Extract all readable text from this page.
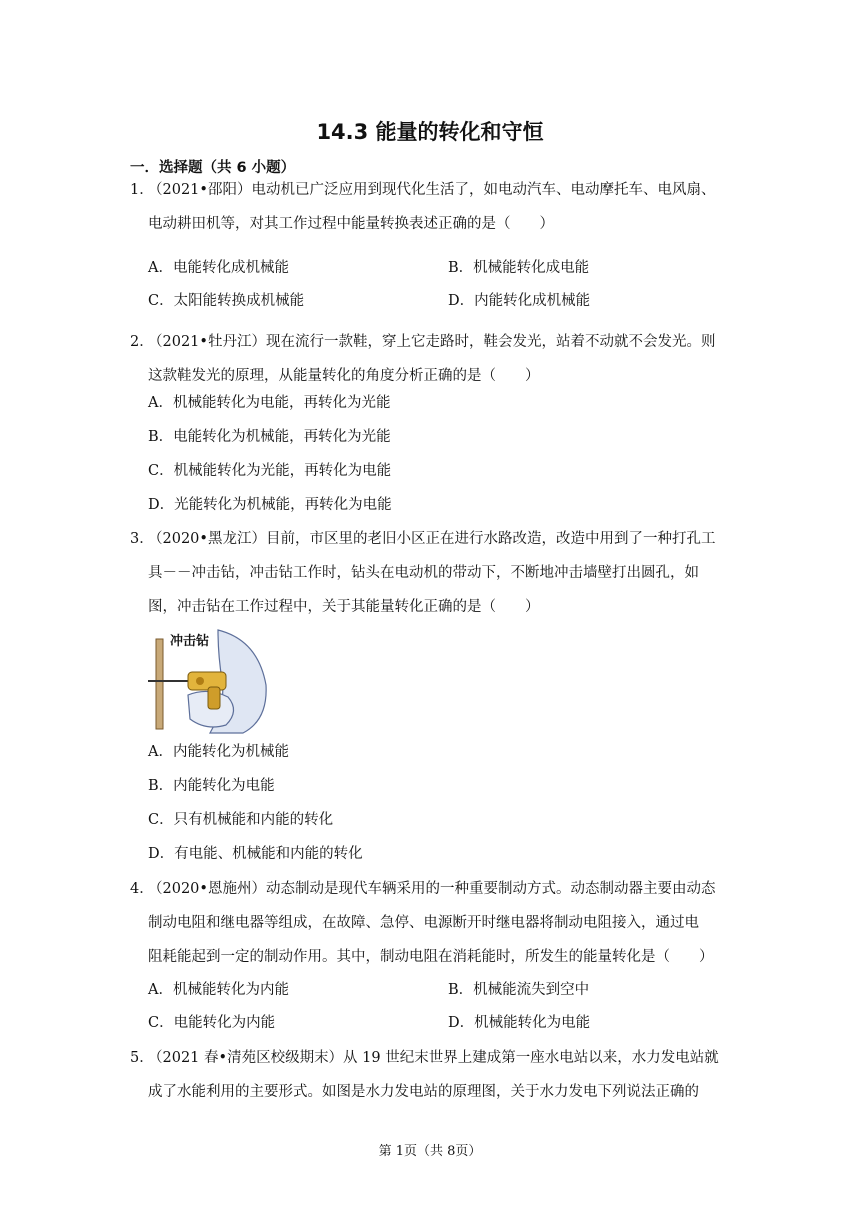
14.3 能量的转化和守恒
一．选择题（共 6 小题）
1．（2021•邵阳）电动机已广泛应用到现代化生活了，如电动汽车、电动摩托车、电风扇、
电动耕田机等，对其工作过程中能量转换表述正确的是（　　）
A．电能转化成机械能	B．机械能转化成电能
C．太阳能转换成机械能	D．内能转化成机械能
2．（2021•牡丹江）现在流行一款鞋，穿上它走路时，鞋会发光，站着不动就不会发光。则
这款鞋发光的原理，从能量转化的角度分析正确的是（　　）
A．机械能转化为电能，再转化为光能
B．电能转化为机械能，再转化为光能
C．机械能转化为光能，再转化为电能
D．光能转化为机械能，再转化为电能
3．（2020•黑龙江）目前，市区里的老旧小区正在进行水路改造，改造中用到了一种打孔工
具－－冲击钻，冲击钻工作时，钻头在电动机的带动下，不断地冲击墙壁打出圆孔，如
图，冲击钻在工作过程中，关于其能量转化正确的是（　　）
冲击钻
A．内能转化为机械能
B．内能转化为电能
C．只有机械能和内能的转化
D．有电能、机械能和内能的转化
4．（2020•恩施州）动态制动是现代车辆采用的一种重要制动方式。动态制动器主要由动态
制动电阻和继电器等组成，在故障、急停、电源断开时继电器将制动电阻接入，通过电
阻耗能起到一定的制动作用。其中，制动电阻在消耗能时，所发生的能量转化是（　　）
A．机械能转化为内能	B．机械能流失到空中
C．电能转化为内能	D．机械能转化为电能
5．（2021 春•清苑区校级期末）从 19 世纪末世界上建成第一座水电站以来，水力发电站就
成了水能利用的主要形式。如图是水力发电站的原理图，关于水力发电下列说法正确的
第 1页（共 8页）
